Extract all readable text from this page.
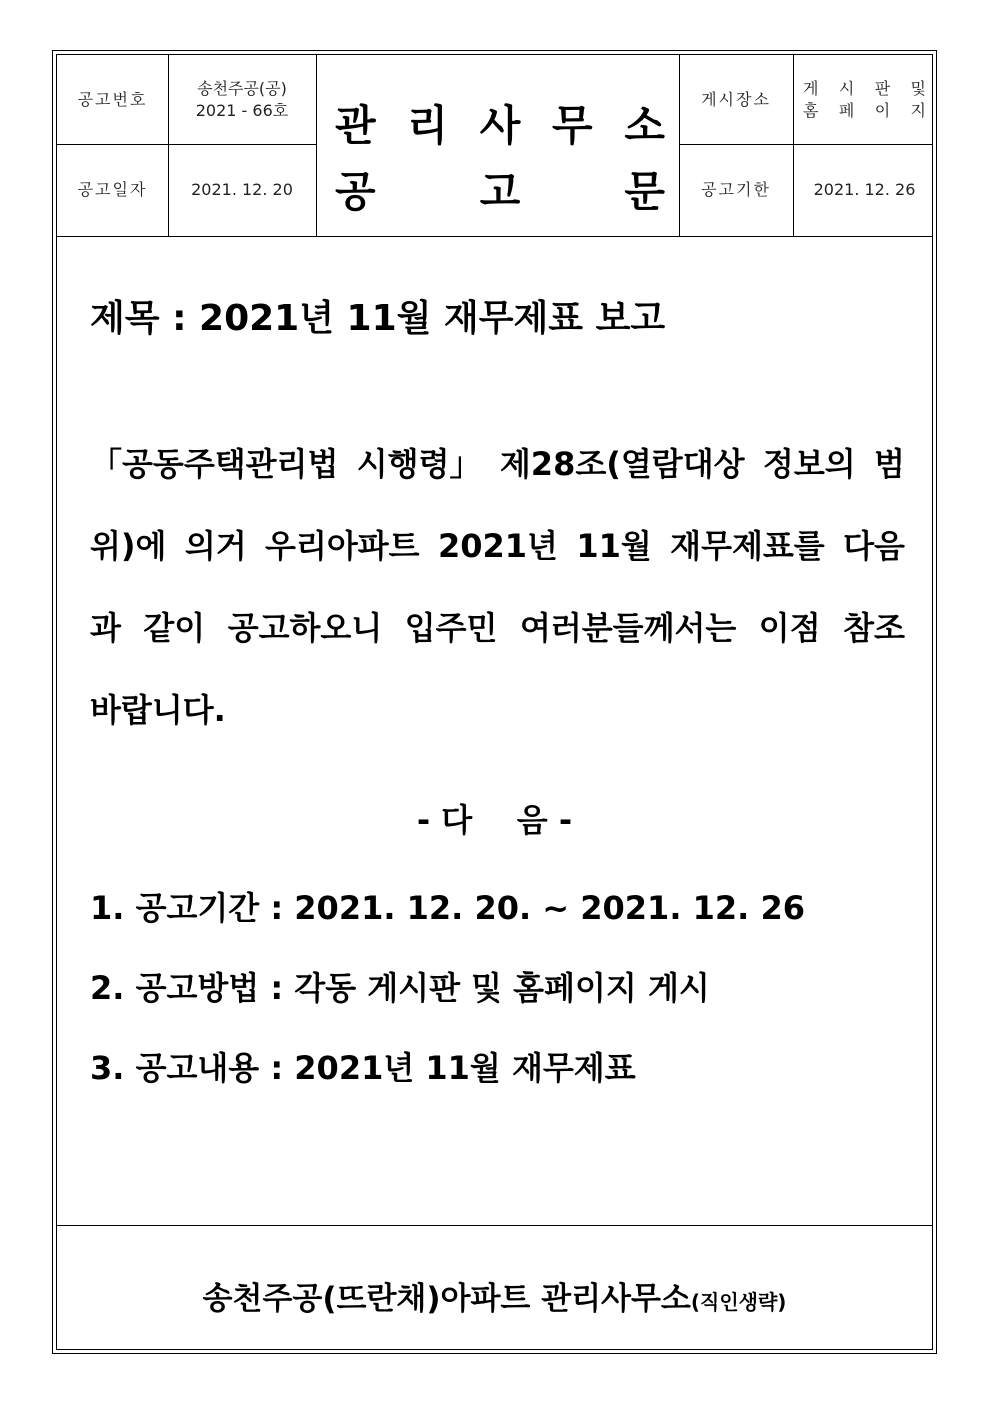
공고번호
송천주공(공)
2021 - 66호
공고일자	2021. 12. 20
관 리 사 무 소
공 고 문
게시장소
게 시 판 및
홈 페 이 지
공고기한	2021. 12. 26
제목 : 2021년 11월 재무제표 보고
「공동주택관리법 시행령」 제28조(열람대상 정보의 범
위)에 의거 우리아파트 2021년 11월 재무제표를 다음
과 같이 공고하오니 입주민 여러분들께서는 이점 참조
바랍니다.
- 다    음 -
1. 공고기간 : 2021. 12. 20. ~ 2021. 12. 26
2. 공고방법 : 각동 게시판 및 홈페이지 게시
3. 공고내용 : 2021년 11월 재무제표
송천주공(뜨란채)아파트 관리사무소(직인생략)
